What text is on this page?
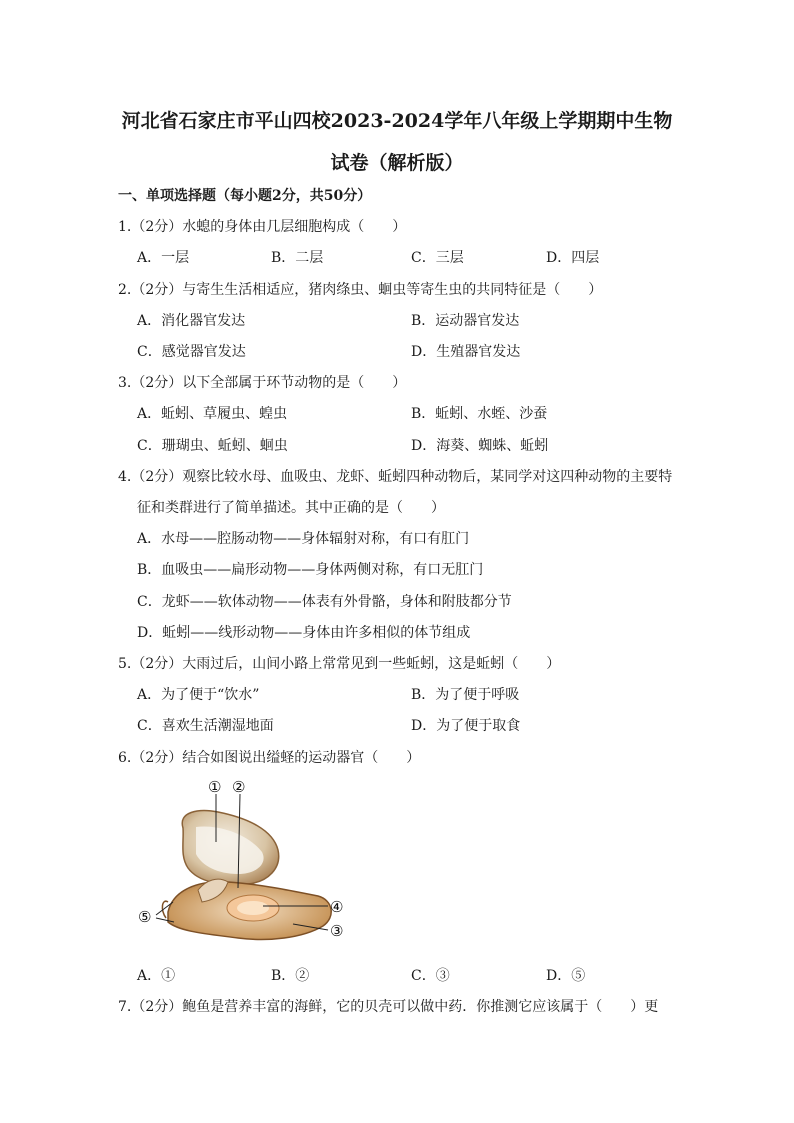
河北省石家庄市平山四校2023-2024学年八年级上学期期中生物
试卷（解析版）
一、单项选择题（每小题2分，共50分）
1.（2分）水螅的身体由几层细胞构成（　　）
A．一层	B．二层	C．三层	D．四层
2.（2分）与寄生生活相适应，猪肉绦虫、蛔虫等寄生虫的共同特征是（　　）
A．消化器官发达	B．运动器官发达
C．感觉器官发达	D．生殖器官发达
3.（2分）以下全部属于环节动物的是（　　）
A．蚯蚓、草履虫、蝗虫	B．蚯蚓、水蛭、沙蚕
C．珊瑚虫、蚯蚓、蛔虫	D．海葵、蜘蛛、蚯蚓
4.（2分）观察比较水母、血吸虫、龙虾、蚯蚓四种动物后，某同学对这四种动物的主要特
征和类群进行了简单描述。其中正确的是（　　）
A．水母——腔肠动物——身体辐射对称，有口有肛门
B．血吸虫——扁形动物——身体两侧对称，有口无肛门
C．龙虾——软体动物——体表有外骨骼，身体和附肢都分节
D．蚯蚓——线形动物——身体由许多相似的体节组成
5.（2分）大雨过后，山间小路上常常见到一些蚯蚓，这是蚯蚓（　　）
A．为了便于“饮水”	B．为了便于呼吸
C．喜欢生活潮湿地面	D．为了便于取食
6.（2分）结合如图说出缢蛏的运动器官（　　）
① ②
③
④
⑤
A．①	B．②	C．③	D．⑤
7.（2分）鲍鱼是营养丰富的海鲜，它的贝壳可以做中药．你推测它应该属于（　　）更
